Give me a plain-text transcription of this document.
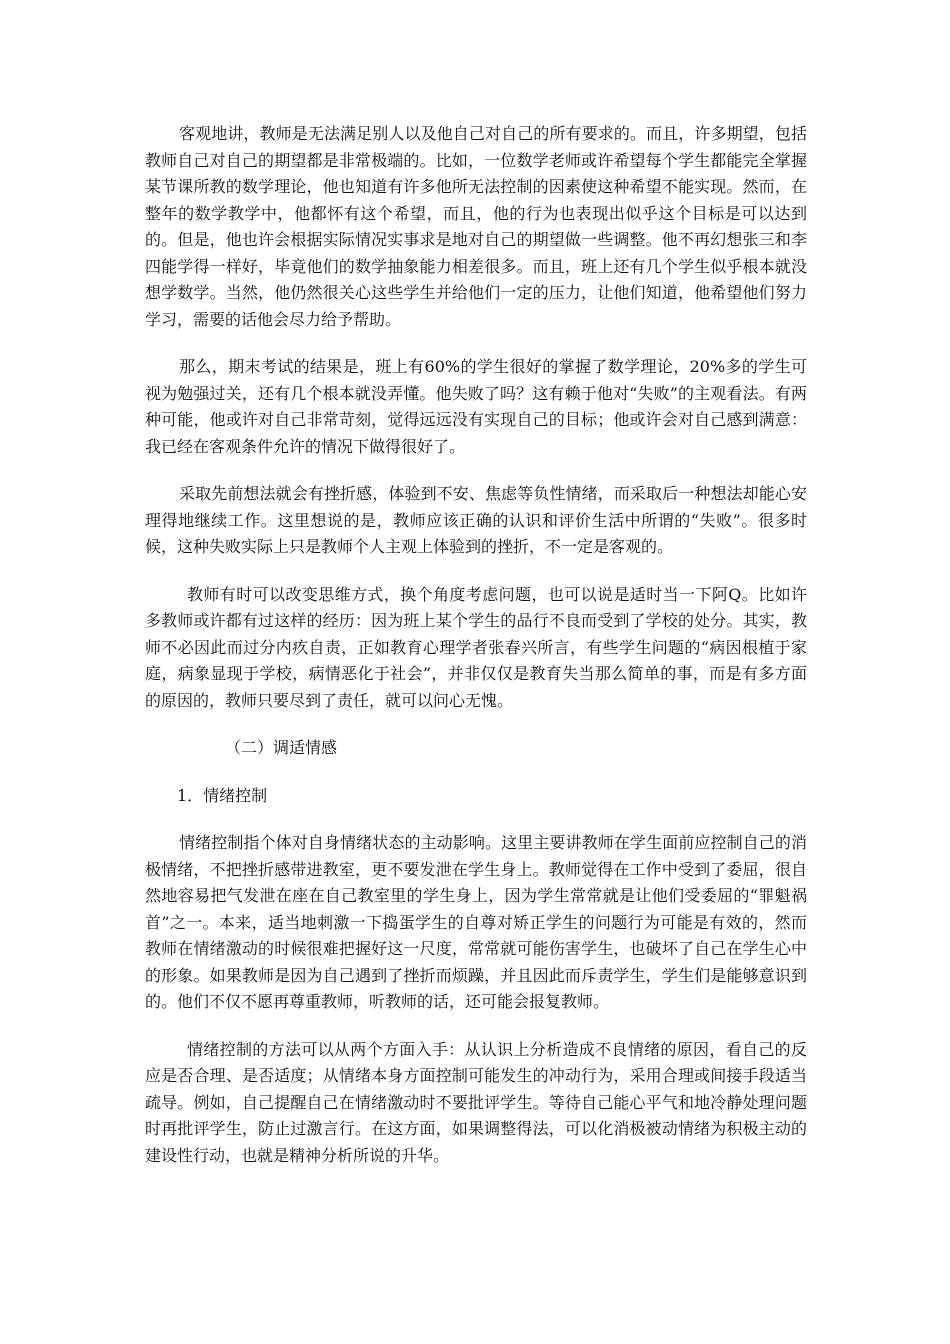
客观地讲，教师是无法满足别人以及他自己对自己的所有要求的。而且，许多期望，包括教师自己对自己的期望都是非常极端的。比如，一位数学老师或许希望每个学生都能完全掌握某节课所教的数学理论，他也知道有许多他所无法控制的因素使这种希望不能实现。然而，在整年的数学教学中，他都怀有这个希望，而且，他的行为也表现出似乎这个目标是可以达到的。但是，他也许会根据实际情况实事求是地对自己的期望做一些调整。他不再幻想张三和李四能学得一样好，毕竟他们的数学抽象能力相差很多。而且，班上还有几个学生似乎根本就没想学数学。当然，他仍然很关心这些学生并给他们一定的压力，让他们知道，他希望他们努力学习，需要的话他会尽力给予帮助。

那么，期末考试的结果是，班上有60%的学生很好的掌握了数学理论，20%多的学生可视为勉强过关，还有几个根本就没弄懂。他失败了吗？这有赖于他对“失败”的主观看法。有两种可能，他或许对自己非常苛刻，觉得远远没有实现自己的目标；他或许会对自己感到满意：我已经在客观条件允许的情况下做得很好了。

采取先前想法就会有挫折感，体验到不安、焦虑等负性情绪，而采取后一种想法却能心安理得地继续工作。这里想说的是，教师应该正确的认识和评价生活中所谓的“失败”。很多时候，这种失败实际上只是教师个人主观上体验到的挫折，不一定是客观的。

教师有时可以改变思维方式，换个角度考虑问题，也可以说是适时当一下阿Q。比如许多教师或许都有过这样的经历：因为班上某个学生的品行不良而受到了学校的处分。其实，教师不必因此而过分内疚自责，正如教育心理学者张春兴所言，有些学生问题的“病因根植于家庭，病象显现于学校，病情恶化于社会”，并非仅仅是教育失当那么简单的事，而是有多方面的原因的，教师只要尽到了责任，就可以问心无愧。

（二）调适情感

1．情绪控制

情绪控制指个体对自身情绪状态的主动影响。这里主要讲教师在学生面前应控制自己的消极情绪，不把挫折感带进教室，更不要发泄在学生身上。教师觉得在工作中受到了委屈，很自然地容易把气发泄在座在自己教室里的学生身上，因为学生常常就是让他们受委屈的“罪魁祸首”之一。本来，适当地刺激一下捣蛋学生的自尊对矫正学生的问题行为可能是有效的，然而教师在情绪激动的时候很难把握好这一尺度，常常就可能伤害学生，也破坏了自己在学生心中的形象。如果教师是因为自己遇到了挫折而烦躁，并且因此而斥责学生，学生们是能够意识到的。他们不仅不愿再尊重教师，听教师的话，还可能会报复教师。

情绪控制的方法可以从两个方面入手：从认识上分析造成不良情绪的原因，看自己的反应是否合理、是否适度；从情绪本身方面控制可能发生的冲动行为，采用合理或间接手段适当疏导。例如，自己提醒自己在情绪激动时不要批评学生。等待自己能心平气和地冷静处理问题时再批评学生，防止过激言行。在这方面，如果调整得法，可以化消极被动情绪为积极主动的建设性行动，也就是精神分析所说的升华。
